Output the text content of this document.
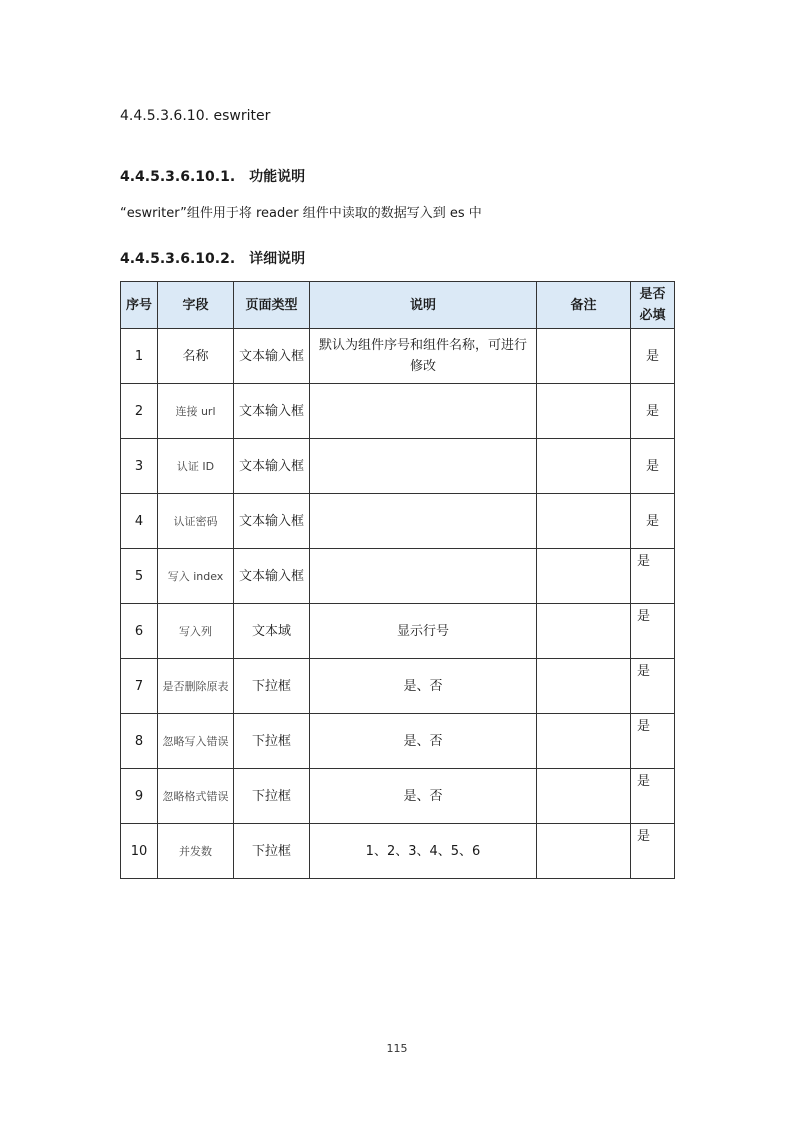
4.4.5.3.6.10. eswriter
4.4.5.3.6.10.1. 功能说明

“eswriter”组件用于将 reader 组件中读取的数据写入到 es 中

4.4.5.3.6.10.2. 详细说明
序号	字段	页面类型	说明	备注	是否必填
1	名称	文本输入框	默认为组件序号和组件名称，可进行修改		是
2	连接 url	文本输入框			是
3	认证 ID	文本输入框			是
4	认证密码	文本输入框			是
5	写入 index	文本输入框			是
6	写入列	文本域	显示行号		是
7	是否删除原表	下拉框	是、否		是
8	忽略写入错误	下拉框	是、否		是
9	忽略格式错误	下拉框	是、否		是
10	并发数	下拉框	1、2、3、4、5、6		是
115
